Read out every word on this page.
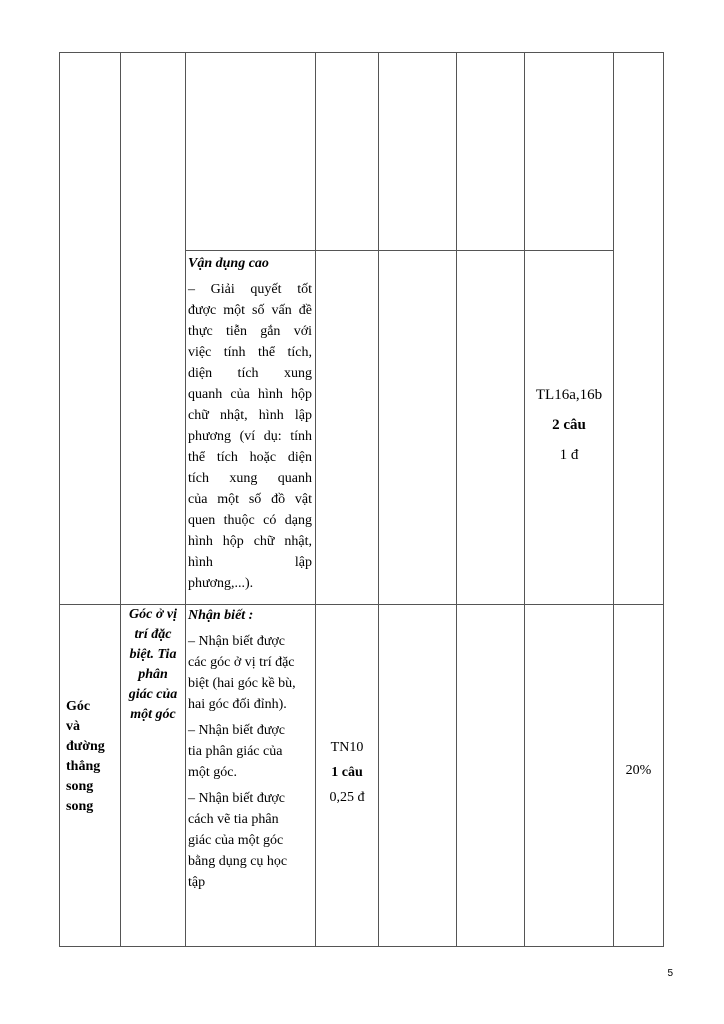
Vận dụng cao

– Giải quyết tốt
được một số vấn đề
thực tiễn gắn với
việc tính thể tích,
diện tích xung
quanh của hình hộp
chữ nhật, hình lập
phương (ví dụ: tính
thể tích hoặc diện
tích xung quanh
của một số đồ vật
quen thuộc có dạng
hình hộp chữ nhật,
hình lập
phương,...).
TL16a,16b
2 câu
1 đ
Góc
và
đường
thẳng
song
song
Góc ở vị
trí đặc
biệt. Tia
phân
giác của
một góc

Nhận biết :

– Nhận biết được
các góc ở vị trí đặc
biệt (hai góc kề bù,
hai góc đối đỉnh).
– Nhận biết được
tia phân giác của
một góc.
– Nhận biết được
cách vẽ tia phân
giác của một góc
bằng dụng cụ học
tập
TN10
1 câu
0,25 đ
20%
5
